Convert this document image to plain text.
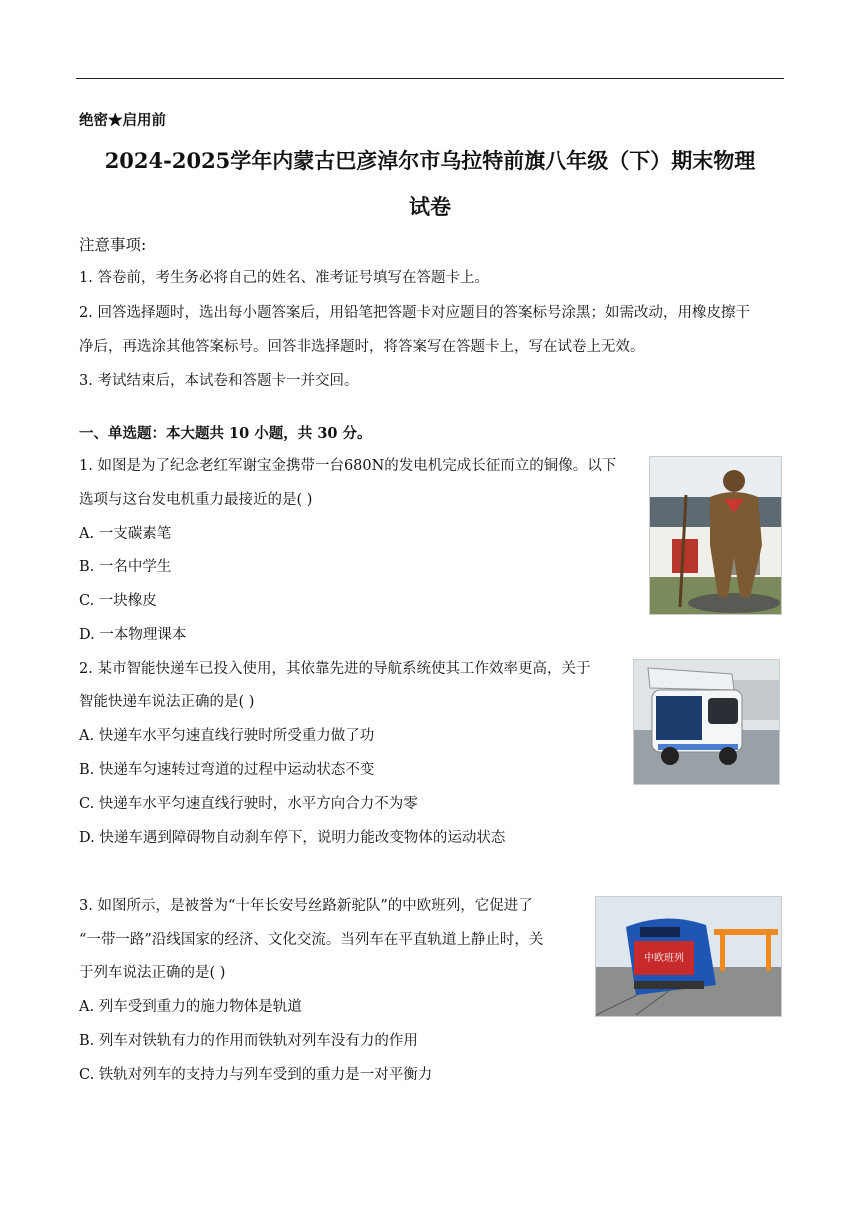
绝密★启用前
2024-2025学年内蒙古巴彦淖尔市乌拉特前旗八年级（下）期末物理
试卷
注意事项:
1. 答卷前，考生务必将自己的姓名、准考证号填写在答题卡上。
2. 回答选择题时，选出每小题答案后，用铅笔把答题卡对应题目的答案标号涂黑；如需改动，用橡皮擦干
净后，再选涂其他答案标号。回答非选择题时，将答案写在答题卡上，写在试卷上无效。
3. 考试结束后，本试卷和答题卡一并交回。
一、单选题：本大题共 10 小题，共 30 分。
1. 如图是为了纪念老红军谢宝金携带一台680N的发电机完成长征而立的铜像。以下
选项与这台发电机重力最接近的是( )
A. 一支碳素笔
B. 一名中学生
C. 一块橡皮
D. 一本物理课本
2. 某市智能快递车已投入使用，其依靠先进的导航系统使其工作效率更高，关于
智能快递车说法正确的是( )
A. 快递车水平匀速直线行驶时所受重力做了功
B. 快递车匀速转过弯道的过程中运动状态不变
C. 快递车水平匀速直线行驶时，水平方向合力不为零
D. 快递车遇到障碍物自动刹车停下，说明力能改变物体的运动状态
3. 如图所示，是被誉为“十年长安号丝路新驼队”的中欧班列，它促进了
“一带一路”沿线国家的经济、文化交流。当列车在平直轨道上静止时，关
于列车说法正确的是( )
A. 列车受到重力的施力物体是轨道
B. 列车对铁轨有力的作用而铁轨对列车没有力的作用
C. 铁轨对列车的支持力与列车受到的重力是一对平衡力
中欧班列
